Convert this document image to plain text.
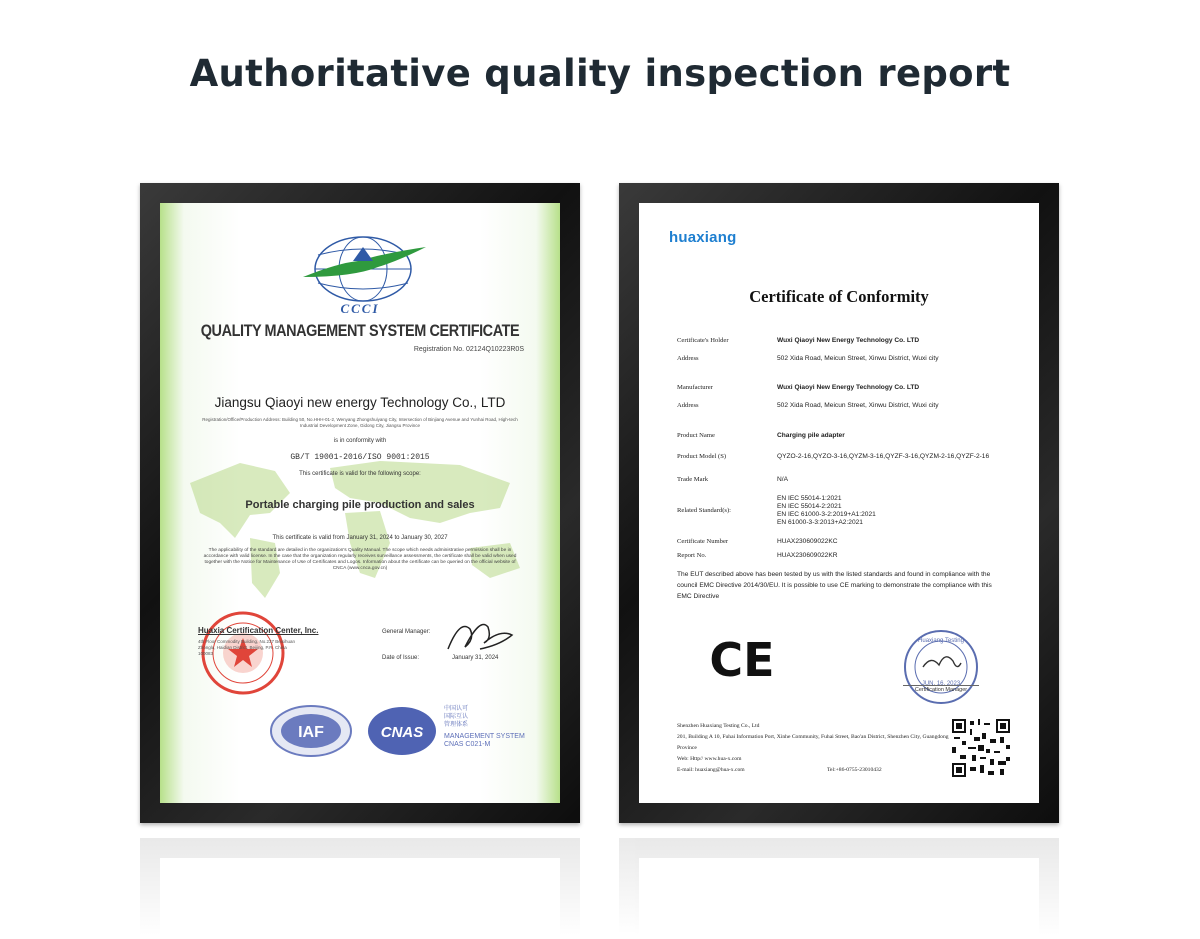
Authoritative quality inspection report
CCCI
QUALITY MANAGEMENT SYSTEM CERTIFICATE
Registration No. 02124Q10223R0S
Jiangsu Qiaoyi new energy Technology Co., LTD
Registration/Office/Production Address: Building 50, No.HHH-01-2, Wenyang Zhongshuiyang City, Intersection of Binjiang Avenue and Yunhai Road, High-tech Industrial Development Zone, Gidong City, Jiangsu Province
is in conformity with
GB/T 19001-2016/ISO 9001:2015
This certificate is valid for the following scope:
Portable charging pile production and sales
This certificate is valid from January 31, 2024 to January 30, 2027
The applicability of the standard are detailed in the organization's Quality Manual. The scope which needs administrative permission shall be in accordance with valid license. In the case that the organization regularly receives surveillance assessments, the certificate shall be valid when used together with the Notice for Maintenance of Use of Certificates and Logos. Information about the certificate can be queried on the official website of CNCA (www.cnca.gov.cn)
Huaxia Certification Center, Inc.
4th Floor Commodity Building, No.237 Beisihuan Zhonglu, Haidian District, Beijing, P.R. China 100083
General Manager:
Date of Issue:	January 31, 2024
IAF	CNAS
中国认可
国际互认
管理体系
MANAGEMENT SYSTEM
CNAS C021-M
huaxiang
Certificate of Conformity
Certificate's Holder	Wuxi Qiaoyi New Energy Technology Co. LTD
Address	502 Xida Road, Meicun Street, Xinwu District, Wuxi city
Manufacturer	Wuxi Qiaoyi New Energy Technology Co. LTD
Address	502 Xida Road, Meicun Street, Xinwu District, Wuxi city
Product Name	Charging pile adapter
Product Model (S)	QYZO-2-16,QYZO-3-16,QYZM-3-16,QYZF-3-16,QYZM-2-16,QYZF-2-16
Trade Mark	N/A
Related Standard(s):
EN IEC 55014-1:2021
EN IEC 55014-2:2021
EN IEC 61000-3-2:2019+A1:2021
EN 61000-3-3:2013+A2:2021
Certificate Number	HUAX230609022KC
Report No.	HUAX230609022KR
The EUT described above has been tested by us with the listed standards and found in compliance with the council EMC Directive 2014/30/EU. It is possible to use CE marking to demonstrate the compliance with this EMC Directive
CE	Huaxiang Testing
JUN. 16, 2023
Certification Manager
Shenzhen Huaxiang Testing Co., Ltd
201, Building A 10, Fuhai Information Port, Xinhe Community, Fuhai Street, Bao'an District, Shenzhen City, Guangdong Province
Web: Http// www.hua-x.com
E-mail: huaxiang@hua-x.com	Tel:+86-0755-23010432
